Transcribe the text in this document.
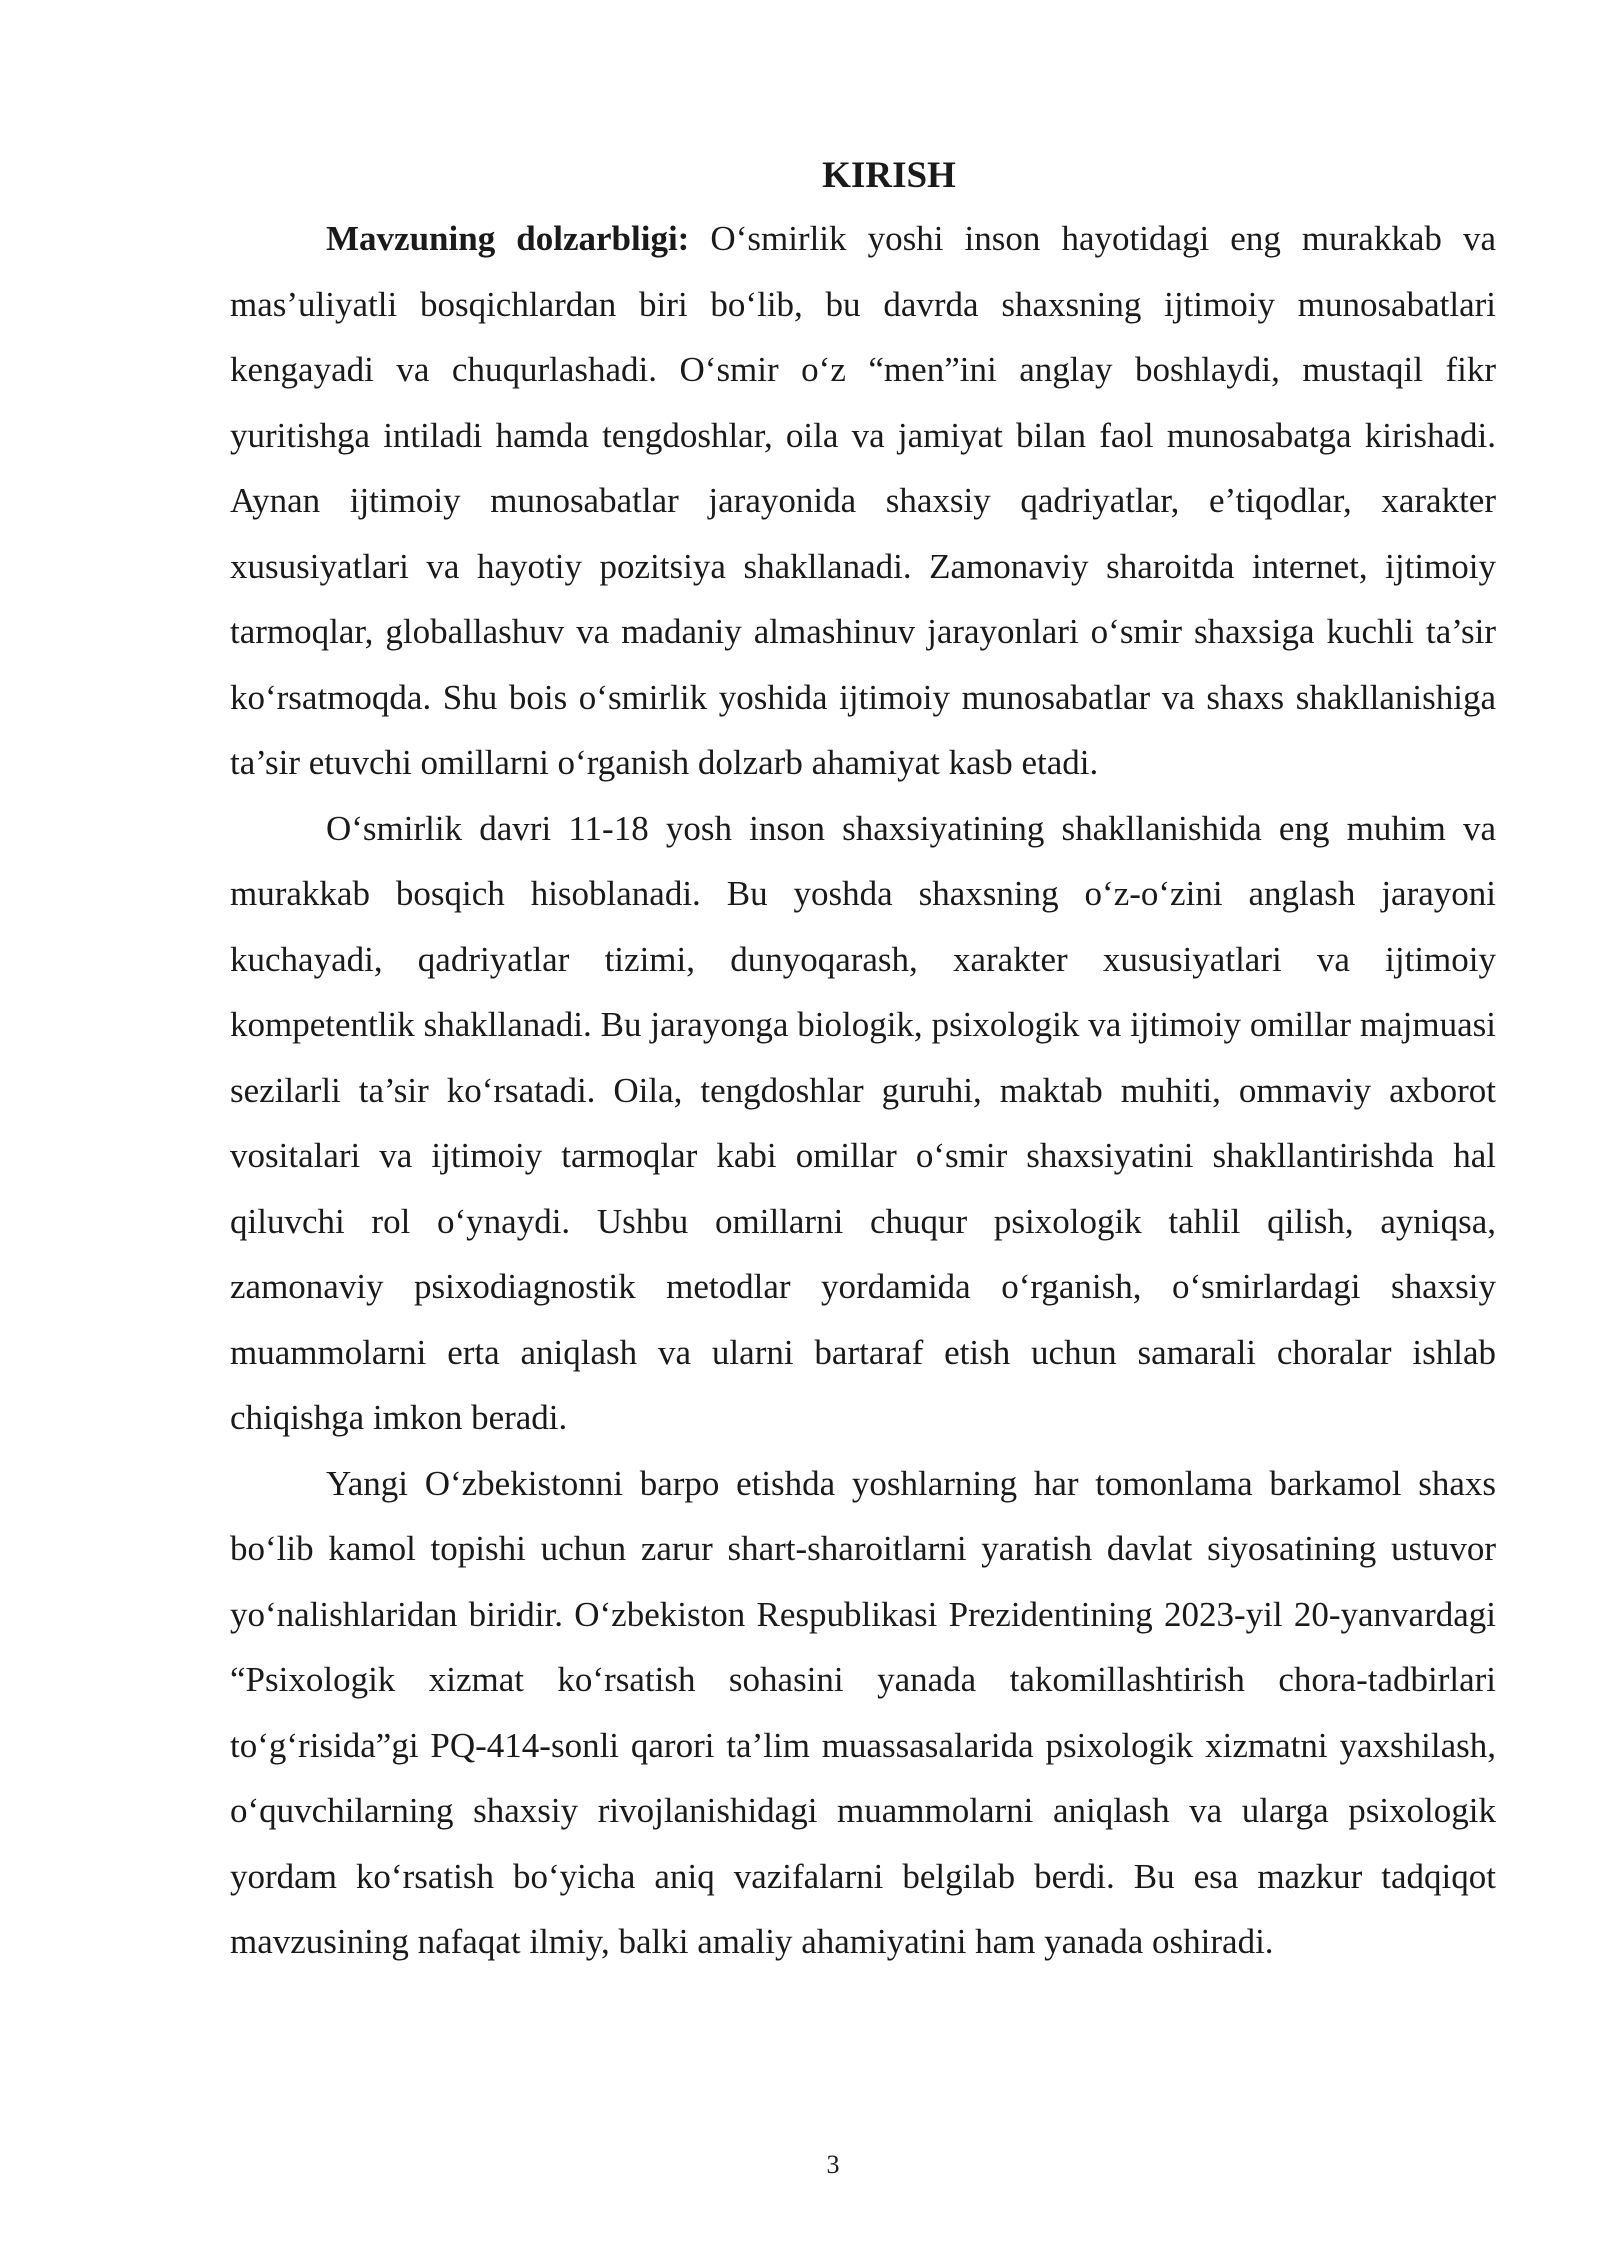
KIRISH

Mavzuning dolzarbligi: O‘smirlik yoshi inson hayotidagi eng murakkab va mas’uliyatli bosqichlardan biri bo‘lib, bu davrda shaxsning ijtimoiy munosabatlari kengayadi va chuqurlashadi. O‘smir o‘z “men”ini anglay boshlaydi, mustaqil fikr yuritishga intiladi hamda tengdoshlar, oila va jamiyat bilan faol munosabatga kirishadi. Aynan ijtimoiy munosabatlar jarayonida shaxsiy qadriyatlar, e’tiqodlar, xarakter xususiyatlari va hayotiy pozitsiya shakllanadi. Zamonaviy sharoitda internet, ijtimoiy tarmoqlar, globallashuv va madaniy almashinuv jarayonlari o‘smir shaxsiga kuchli ta’sir ko‘rsatmoqda. Shu bois o‘smirlik yoshida ijtimoiy munosabatlar va shaxs shakllanishiga ta’sir etuvchi omillarni o‘rganish dolzarb ahamiyat kasb etadi.

O‘smirlik davri 11-18 yosh inson shaxsiyatining shakllanishida eng muhim va murakkab bosqich hisoblanadi. Bu yoshda shaxsning o‘z-o‘zini anglash jarayoni kuchayadi, qadriyatlar tizimi, dunyoqarash, xarakter xususiyatlari va ijtimoiy kompetentlik shakllanadi. Bu jarayonga biologik, psixologik va ijtimoiy omillar majmuasi sezilarli ta’sir ko‘rsatadi. Oila, tengdoshlar guruhi, maktab muhiti, ommaviy axborot vositalari va ijtimoiy tarmoqlar kabi omillar o‘smir shaxsiyatini shakllantirishda hal qiluvchi rol o‘ynaydi. Ushbu omillarni chuqur psixologik tahlil qilish, ayniqsa, zamonaviy psixodiagnostik metodlar yordamida o‘rganish, o‘smirlardagi shaxsiy muammolarni erta aniqlash va ularni bartaraf etish uchun samarali choralar ishlab chiqishga imkon beradi.

Yangi O‘zbekistonni barpo etishda yoshlarning har tomonlama barkamol shaxs bo‘lib kamol topishi uchun zarur shart-sharoitlarni yaratish davlat siyosatining ustuvor yo‘nalishlaridan biridir. O‘zbekiston Respublikasi Prezidentining 2023-yil 20-yanvardagi “Psixologik xizmat ko‘rsatish sohasini yanada takomillashtirish chora-tadbirlari to‘g‘risida”gi PQ-414-sonli qarori ta’lim muassasalarida psixologik xizmatni yaxshilash, o‘quvchilarning shaxsiy rivojlanishidagi muammolarni aniqlash va ularga psixologik yordam ko‘rsatish bo‘yicha aniq vazifalarni belgilab berdi. Bu esa mazkur tadqiqot mavzusining nafaqat ilmiy, balki amaliy ahamiyatini ham yanada oshiradi.

3
